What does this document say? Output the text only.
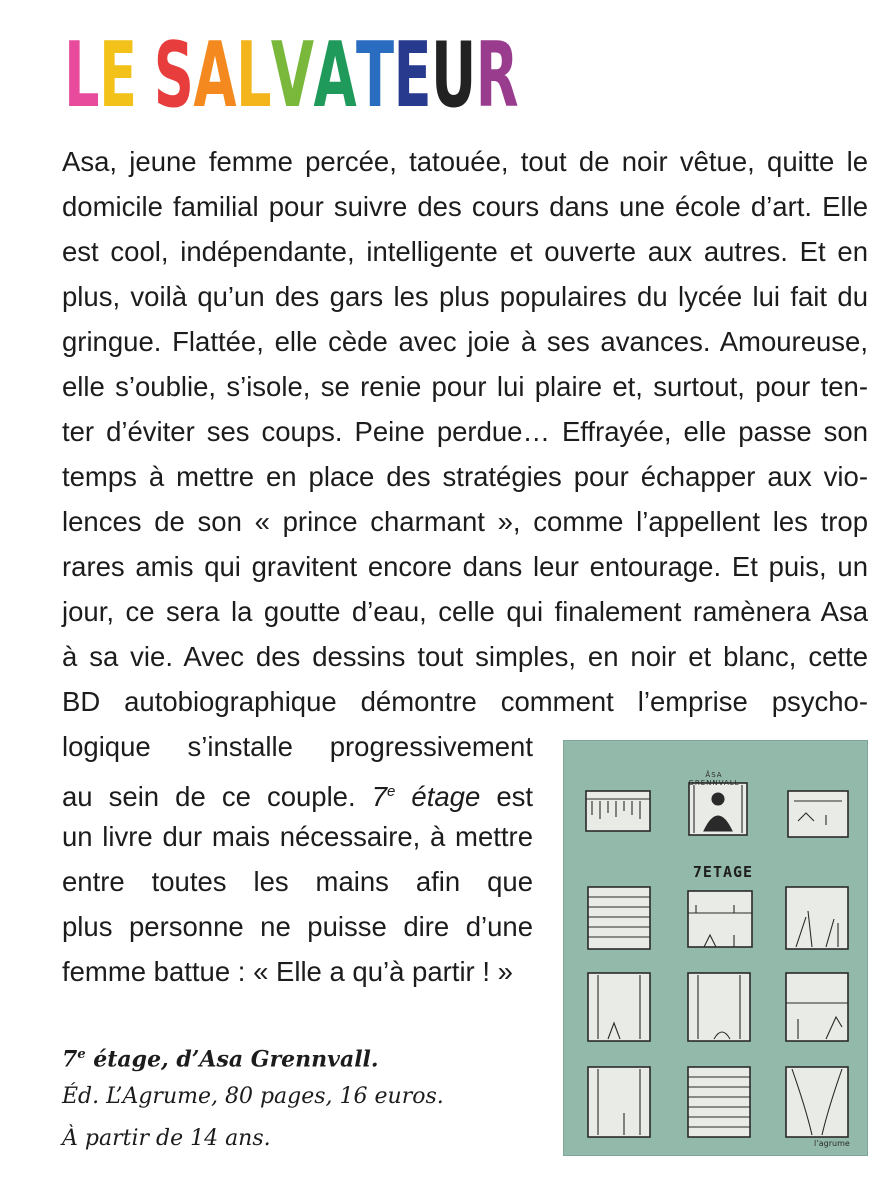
LE SALVATEUR
Asa, jeune femme percée, tatouée, tout de noir vêtue, quitte le
domicile familial pour suivre des cours dans une école d’art. Elle
est cool, indépendante, intelligente et ouverte aux autres. Et en
plus, voilà qu’un des gars les plus populaires du lycée lui fait du
gringue. Flattée, elle cède avec joie à ses avances. Amoureuse,
elle s’oublie, s’isole, se renie pour lui plaire et, surtout, pour ten-
ter d’éviter ses coups. Peine perdue… Effrayée, elle passe son
temps à mettre en place des stratégies pour échapper aux vio-
lences de son « prince charmant », comme l’appellent les trop
rares amis qui gravitent encore dans leur entourage. Et puis, un
jour, ce sera la goutte d’eau, celle qui finalement ramènera Asa
à sa vie. Avec des dessins tout simples, en noir et blanc, cette
BD autobiographique démontre comment l’emprise psycho-
logique s’installe progressivement
au sein de ce couple. 7e étage est
un livre dur mais nécessaire, à mettre
entre toutes les mains afin que
plus personne ne puisse dire d’une
femme battue : « Elle a qu’à partir ! »
7e étage, d’Asa Grennvall.
Éd. L’Agrume, 80 pages, 16 euros.
À partir de 14 ans.
ÅSA GRENNVALL
7ETAGE
l’agrume
